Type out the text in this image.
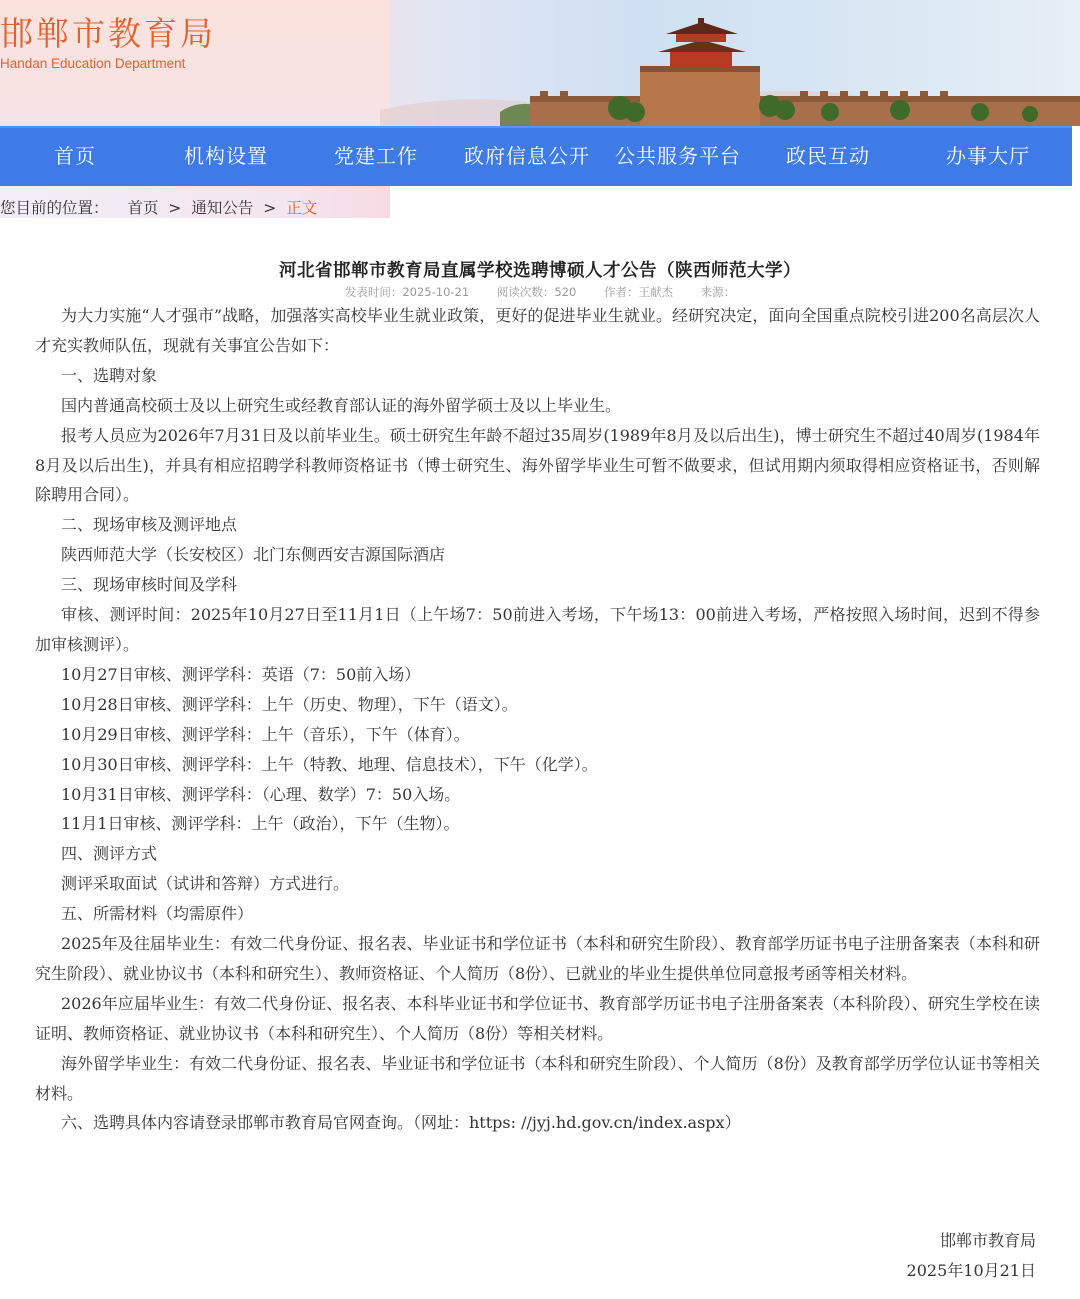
邯郸市教育局
Handan Education Department
首页	机构设置	党建工作 政府信息公开 公共服务平台 政民互动	办事大厅
您目前的位置： 首页 > 通知公告 > 正文
河北省邯郸市教育局直属学校选聘博硕人才公告（陕西师范大学）
发表时间：2025-10-21 阅读次数：520 作者：王献杰 来源：

为大力实施“人才强市”战略，加强落实高校毕业生就业政策，更好的促进毕业生就业。经研究决定，面向全国重点院校引进200名高层次人才充实教师队伍，现就有关事宜公告如下：

一、选聘对象

国内普通高校硕士及以上研究生或经教育部认证的海外留学硕士及以上毕业生。

报考人员应为2026年7月31日及以前毕业生。硕士研究生年龄不超过35周岁(1989年8月及以后出生)，博士研究生不超过40周岁(1984年8月及以后出生)，并具有相应招聘学科教师资格证书（博士研究生、海外留学毕业生可暂不做要求，但试用期内须取得相应资格证书，否则解除聘用合同）。

二、现场审核及测评地点

陕西师范大学（长安校区）北门东侧西安吉源国际酒店

三、现场审核时间及学科

审核、测评时间：2025年10月27日至11月1日（上午场7：50前进入考场，下午场13：00前进入考场，严格按照入场时间，迟到不得参加审核测评）。

10月27日审核、测评学科：英语（7：50前入场）

10月28日审核、测评学科：上午（历史、物理），下午（语文）。

10月29日审核、测评学科：上午（音乐），下午（体育）。

10月30日审核、测评学科：上午（特教、地理、信息技术），下午（化学）。

10月31日审核、测评学科：（心理、数学）7：50入场。

11月1日审核、测评学科：上午（政治），下午（生物）。

四、测评方式

测评采取面试（试讲和答辩）方式进行。

五、所需材料（均需原件）

2025年及往届毕业生：有效二代身份证、报名表、毕业证书和学位证书（本科和研究生阶段）、教育部学历证书电子注册备案表（本科和研究生阶段）、就业协议书（本科和研究生）、教师资格证、个人简历（8份）、已就业的毕业生提供单位同意报考函等相关材料。

2026年应届毕业生：有效二代身份证、报名表、本科毕业证书和学位证书、教育部学历证书电子注册备案表（本科阶段）、研究生学校在读证明、教师资格证、就业协议书（本科和研究生）、个人简历（8份）等相关材料。

海外留学毕业生：有效二代身份证、报名表、毕业证书和学位证书（本科和研究生阶段）、个人简历（8份）及教育部学历学位认证书等相关材料。

六、选聘具体内容请登录邯郸市教育局官网查询。（网址：https: //jyj.hd.gov.cn/index.aspx）

邯郸市教育局
2025年10月21日
